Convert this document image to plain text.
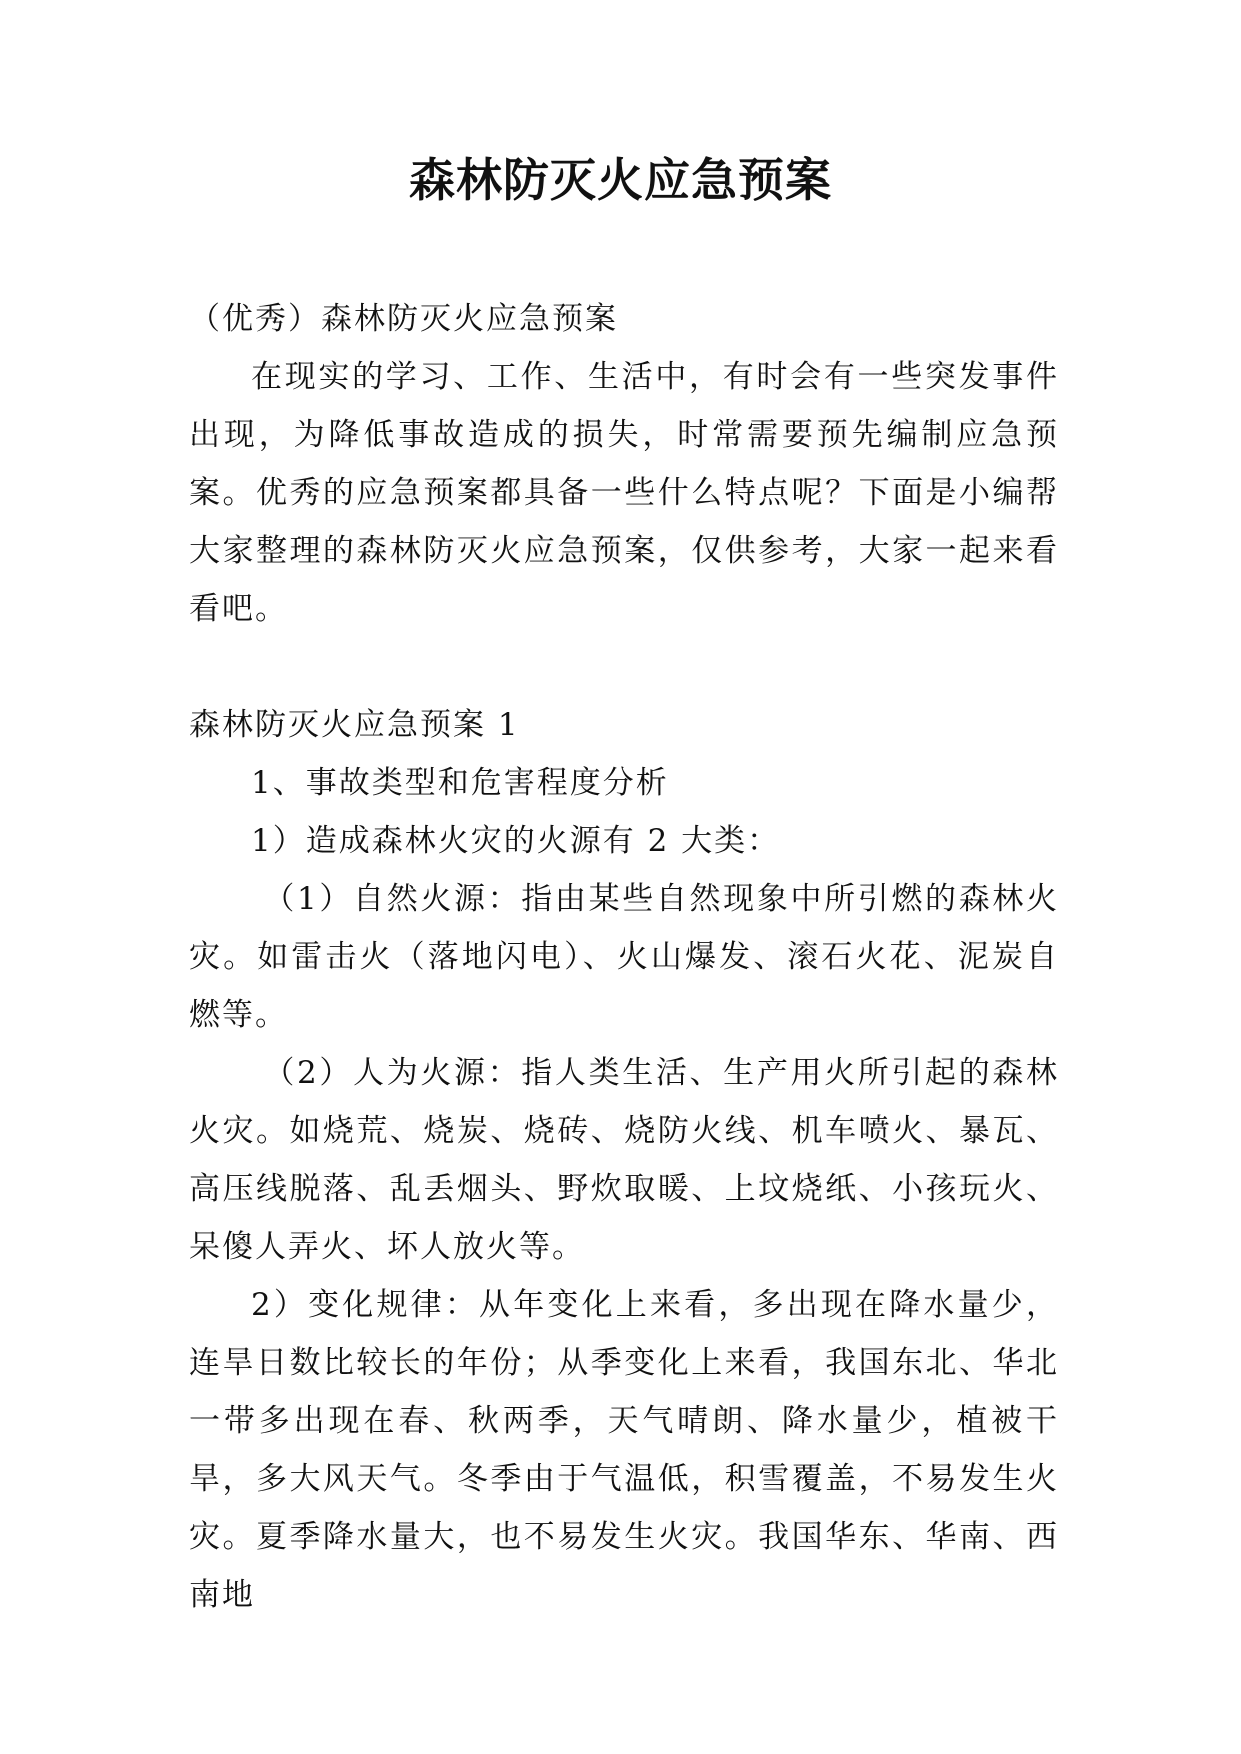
森林防灭火应急预案

（优秀）森林防灭火应急预案

在现实的学习、工作、生活中，有时会有一些突发事件出现，为降低事故造成的损失，时常需要预先编制应急预案。优秀的应急预案都具备一些什么特点呢？下面是小编帮大家整理的森林防灭火应急预案，仅供参考，大家一起来看看吧。

森林防灭火应急预案 1

1、事故类型和危害程度分析

1）造成森林火灾的火源有 2 大类：

（1）自然火源：指由某些自然现象中所引燃的森林火灾。如雷击火（落地闪电）、火山爆发、滚石火花、泥炭自燃等。

（2）人为火源：指人类生活、生产用火所引起的森林火灾。如烧荒、烧炭、烧砖、烧防火线、机车喷火、暴瓦、高压线脱落、乱丢烟头、野炊取暖、上坟烧纸、小孩玩火、呆傻人弄火、坏人放火等。

2）变化规律：从年变化上来看，多出现在降水量少，连旱日数比较长的年份；从季变化上来看，我国东北、华北一带多出现在春、秋两季，天气晴朗、降水量少，植被干旱，多大风天气。冬季由于气温低，积雪覆盖，不易发生火灾。夏季降水量大，也不易发生火灾。我国华东、华南、西南地
